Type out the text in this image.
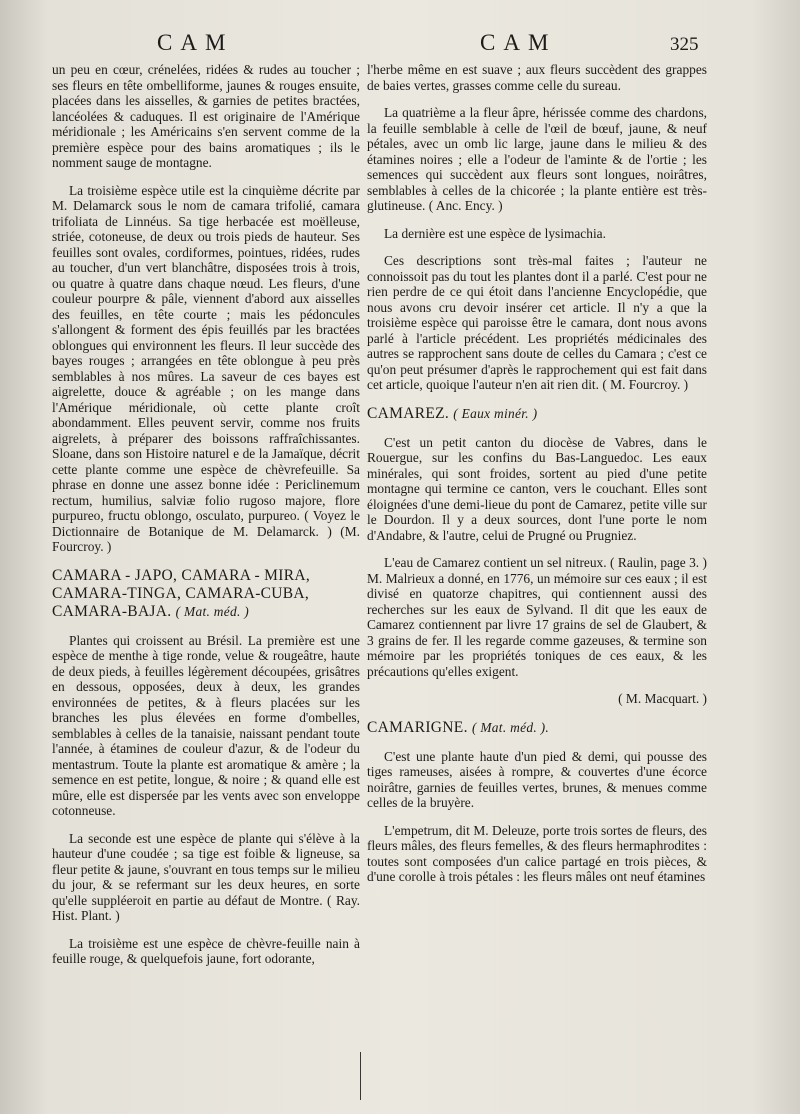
CAM	CAM	325

un peu en cœur, crénelées, ridées & rudes au toucher ; ses fleurs en tête ombelliforme, jaunes & rouges ensuite, placées dans les aisselles, & garnies de petites bractées, lancéolées & caduques. Il est originaire de l'Amérique méridionale ; les Américains s'en servent comme de la première espèce pour des bains aromatiques ; ils le nomment sauge de montagne.

La troisième espèce utile est la cinquième décrite par M. Delamarck sous le nom de camara trifolié, camara trifoliata de Linnéus. Sa tige herbacée est moëlleuse, striée, cotoneuse, de deux ou trois pieds de hauteur. Ses feuilles sont ovales, cordiformes, pointues, ridées, rudes au toucher, d'un vert blanchâtre, disposées trois à trois, ou quatre à quatre dans chaque nœud. Les fleurs, d'une couleur pourpre & pâle, viennent d'abord aux aisselles des feuilles, en tête courte ; mais les pédoncules s'allongent & forment des épis feuillés par les bractées oblongues qui environnent les fleurs. Il leur succède des bayes rouges ; arrangées en tête oblongue à peu près semblables à nos mûres. La saveur de ces bayes est aigrelette, douce & agréable ; on les mange dans l'Amérique méridionale, où cette plante croît abondamment. Elles peuvent servir, comme nos fruits aigrelets, à préparer des boissons raffraîchissantes. Sloane, dans son Histoire naturel e de la Jamaïque, décrit cette plante comme une espèce de chèvrefeuille. Sa phrase en donne une assez bonne idée : Periclinemum rectum, humilius, salviæ folio rugoso majore, flore purpureo, fructu oblongo, osculato, purpureo. ( Voyez le Dictionnaire de Botanique de M. Delamarck. ) (M. Fourcroy. )

CAMARA - JAPO, CAMARA - MIRA, CAMARA-TINGA, CAMARA-CUBA, CAMARA-BAJA. ( Mat. méd. )

Plantes qui croissent au Brésil. La première est une espèce de menthe à tige ronde, velue & rougeâtre, haute de deux pieds, à feuilles légèrement découpées, grisâtres en dessous, opposées, deux à deux, les grandes environnées de petites, & à fleurs placées sur les branches les plus élevées en forme d'ombelles, semblables à celles de la tanaisie, naissant pendant toute l'année, à étamines de couleur d'azur, & de l'odeur du mentastrum. Toute la plante est aromatique & amère ; la semence en est petite, longue, & noire ; & quand elle est mûre, elle est dispersée par les vents avec son enveloppe cotonneuse.

La seconde est une espèce de plante qui s'élève à la hauteur d'une coudée ; sa tige est foible & ligneuse, sa fleur petite & jaune, s'ouvrant en tous temps sur le milieu du jour, & se refermant sur les deux heures, en sorte qu'elle suppléeroit en partie au défaut de Montre. ( Ray. Hist. Plant. )

La troisième est une espèce de chèvre-feuille nain à feuille rouge, & quelquefois jaune, fort odorante,

l'herbe même en est suave ; aux fleurs succèdent des grappes de baies vertes, grasses comme celle du sureau.

La quatrième a la fleur âpre, hérissée comme des chardons, la feuille semblable à celle de l'œil de bœuf, jaune, & neuf pétales, avec un omb lic large, jaune dans le milieu & des étamines noires ; elle a l'odeur de l'aminte & de l'ortie ; les semences qui succèdent aux fleurs sont longues, noirâtres, semblables à celles de la chicorée ; la plante entière est très-glutineuse. ( Anc. Ency. )

La dernière est une espèce de lysimachia.

Ces descriptions sont très-mal faites ; l'auteur ne connoissoit pas du tout les plantes dont il a parlé. C'est pour ne rien perdre de ce qui étoit dans l'ancienne Encyclopédie, que nous avons cru devoir insérer cet article. Il n'y a que la troisième espèce qui paroisse être le camara, dont nous avons parlé à l'article précédent. Les propriétés médicinales des autres se rapprochent sans doute de celles du Camara ; c'est ce qu'on peut présumer d'après le rapprochement qui est fait dans cet article, quoique l'auteur n'en ait rien dit. ( M. Fourcroy. )

CAMAREZ. ( Eaux minér. )

C'est un petit canton du diocèse de Vabres, dans le Rouergue, sur les confins du Bas-Languedoc. Les eaux minérales, qui sont froides, sortent au pied d'une petite montagne qui termine ce canton, vers le couchant. Elles sont éloignées d'une demi-lieue du pont de Camarez, petite ville sur le Dourdon. Il y a deux sources, dont l'une porte le nom d'Andabre, & l'autre, celui de Prugné ou Prugniez.

L'eau de Camarez contient un sel nitreux. ( Raulin, page 3. ) M. Malrieux a donné, en 1776, un mémoire sur ces eaux ; il est divisé en quatorze chapitres, qui contiennent aussi des recherches sur les eaux de Sylvand. Il dit que les eaux de Camarez contiennent par livre 17 grains de sel de Glaubert, & 3 grains de fer. Il les regarde comme gazeuses, & termine son mémoire par les propriétés toniques de ces eaux, & les précautions qu'elles exigent.

( M. Macquart. )

CAMARIGNE. ( Mat. méd. ).

C'est une plante haute d'un pied & demi, qui pousse des tiges rameuses, aisées à rompre, & couvertes d'une écorce noirâtre, garnies de feuilles vertes, brunes, & menues comme celles de la bruyère.

L'empetrum, dit M. Deleuze, porte trois sortes de fleurs, des fleurs mâles, des fleurs femelles, & des fleurs hermaphrodites : toutes sont composées d'un calice partagé en trois pièces, & d'une corolle à trois pétales : les fleurs mâles ont neuf étamines
